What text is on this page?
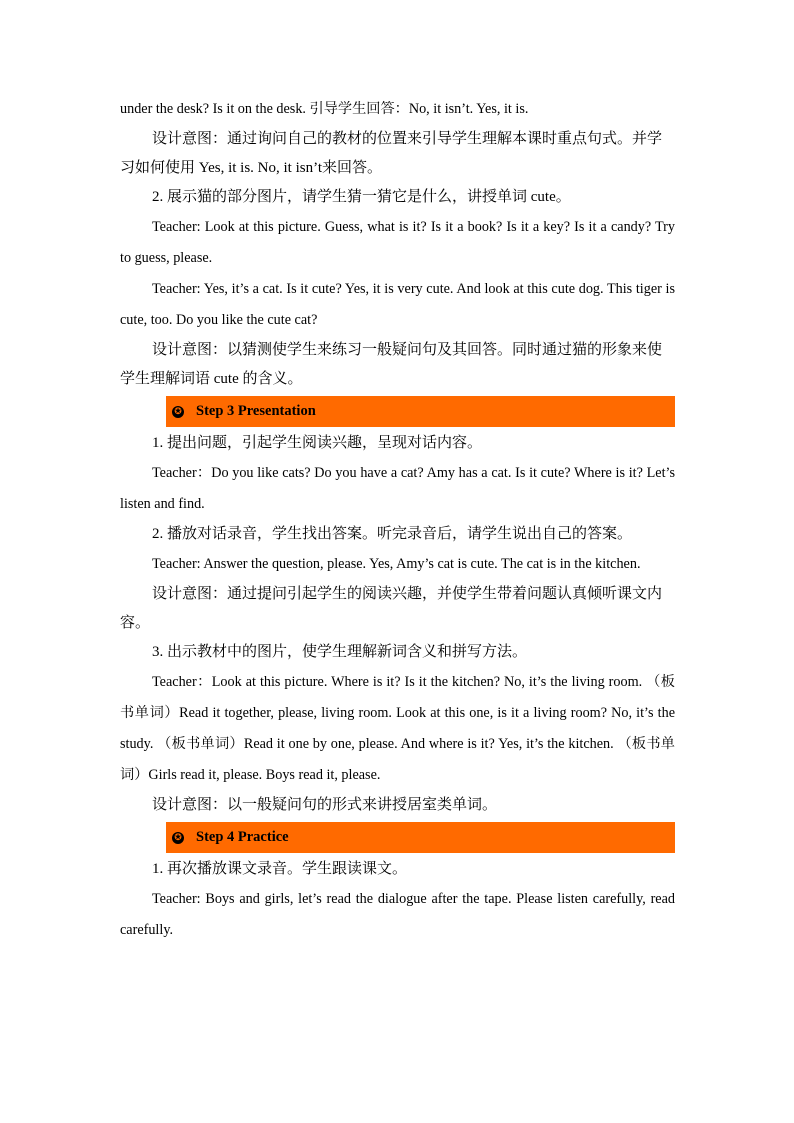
under the desk? Is it on the desk. 引导学生回答：No, it isn’t. Yes, it is.

设计意图：通过询问自己的教材的位置来引导学生理解本课时重点句式。并学习如何使用 Yes, it is. No, it isn’t来回答。

2. 展示猫的部分图片，请学生猜一猜它是什么，讲授单词 cute。

Teacher: Look at this picture. Guess, what is it? Is it a book? Is it a key? Is it a candy? Try to guess, please.

Teacher: Yes, it’s a cat. Is it cute? Yes, it is very cute. And look at this cute dog. This tiger is cute, too. Do you like the cute cat?

设计意图：以猜测使学生来练习一般疑问句及其回答。同时通过猫的形象来使学生理解词语 cute 的含义。

✪ Step 3 Presentation

1. 提出问题，引起学生阅读兴趣，呈现对话内容。

Teacher：Do you like cats? Do you have a cat? Amy has a cat. Is it cute? Where is it? Let’s listen and find.

2. 播放对话录音，学生找出答案。听完录音后，请学生说出自己的答案。

Teacher: Answer the question, please. Yes, Amy’s cat is cute. The cat is in the kitchen.

设计意图：通过提问引起学生的阅读兴趣，并使学生带着问题认真倾听课文内容。

3. 出示教材中的图片，使学生理解新词含义和拼写方法。

Teacher：Look at this picture. Where is it? Is it the kitchen? No, it’s the living room. （板书单词）Read it together, please, living room. Look at this one, is it a living room? No, it’s the study. （板书单词）Read it one by one, please. And where is it? Yes, it’s the kitchen. （板书单词）Girls read it, please. Boys read it, please.

设计意图：以一般疑问句的形式来讲授居室类单词。

✪ Step 4 Practice

1. 再次播放课文录音。学生跟读课文。

Teacher: Boys and girls, let’s read the dialogue after the tape. Please listen carefully, read carefully.
